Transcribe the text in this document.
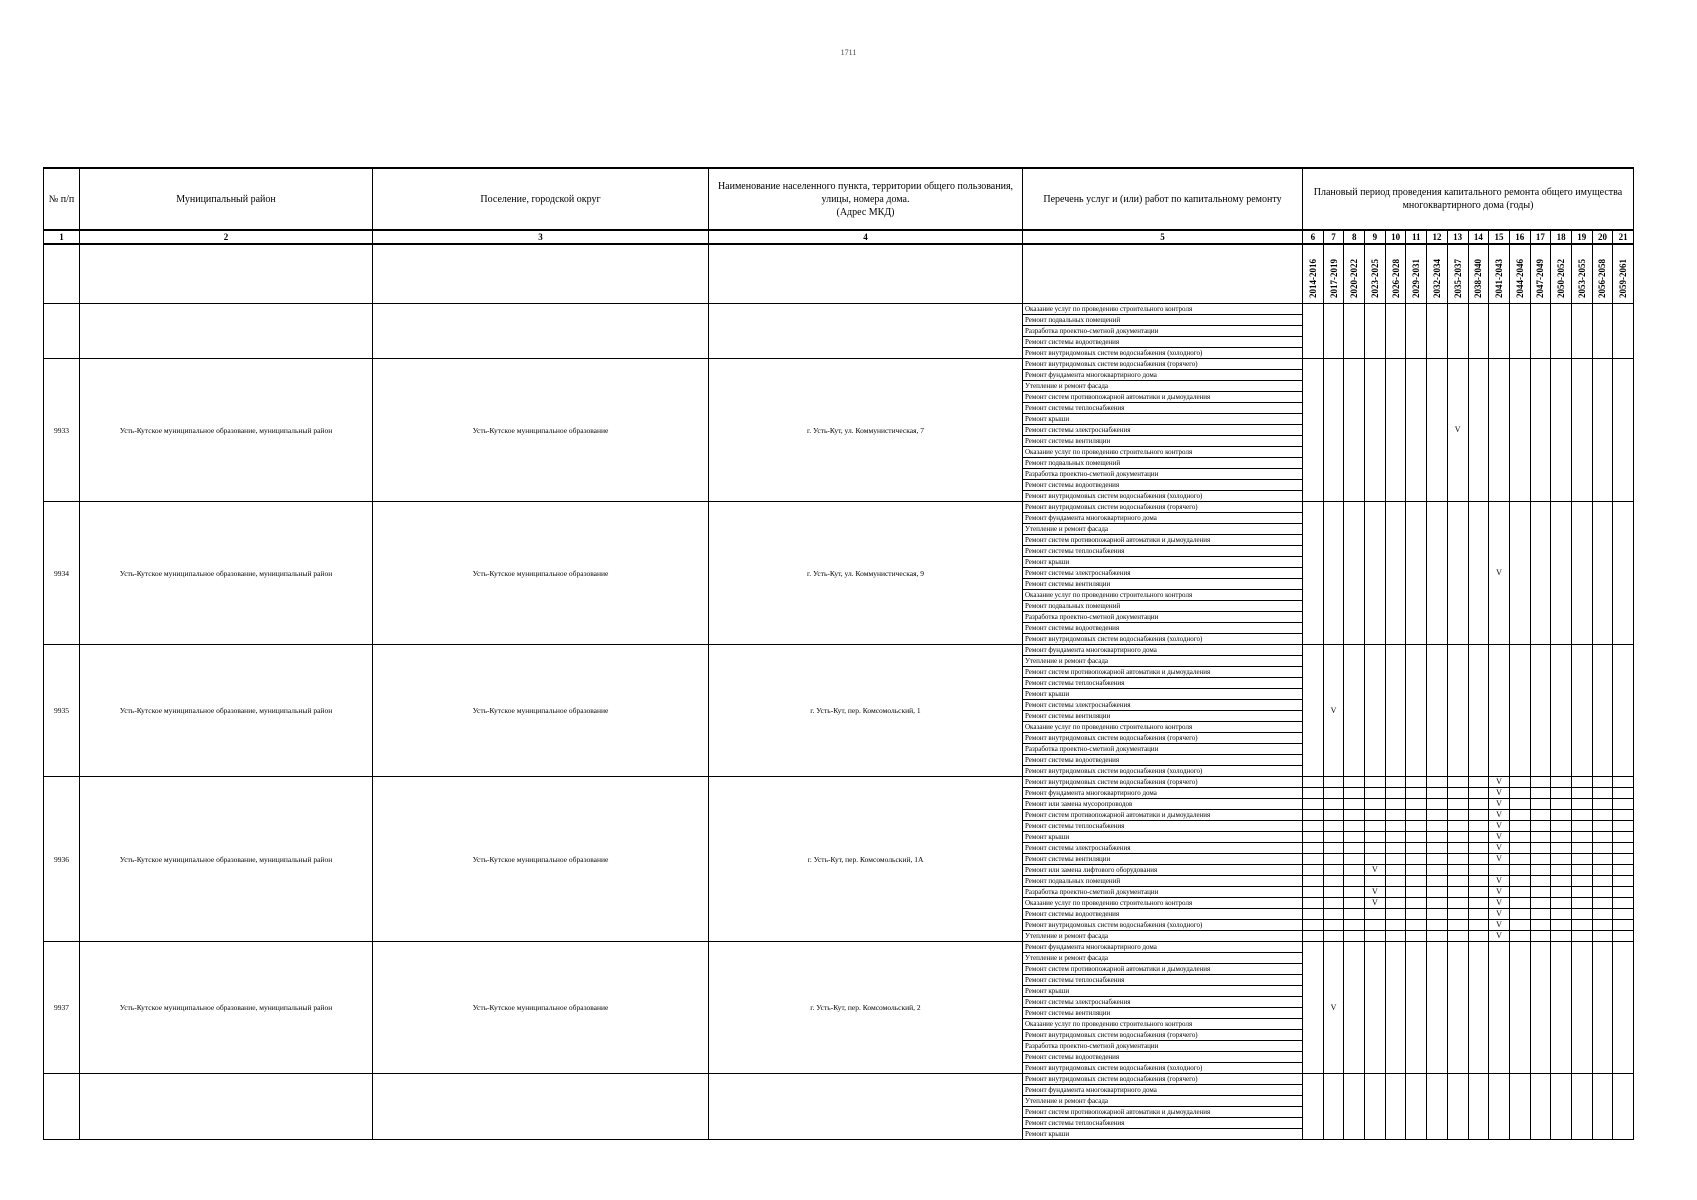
1711
№ п/п	Муниципальный район	Поселение, городской округ	Наименование населенного пункта, территории общего пользования, улицы, номера дома.
(Адрес МКД)	Перечень услуг и (или) работ по капитальному ремонту	Плановый период проведения капитального ремонта общего имущества многоквартирного дома (годы)															
1	2	3	4	5	6	7	8	9	10	11	12	13	14	15	16	17	18	19	20	21
					2014-2016	2017-2019	2020-2022	2023-2025	2026-2028	2029-2031	2032-2034	2035-2037	2038-2040	2041-2043	2044-2046	2047-2049	2050-2052	2053-2055	2056-2058	2059-2061
				Оказание услуг по проведению строительного контроля																
				Ремонт подвальных помещений																
				Разработка проектно-сметной документации																
				Ремонт системы водоотведения																
				Ремонт внутридомовых систем водоснабжения (холодного)																
9933	Усть-Кутское муниципальное образование, муниципальный район	Усть-Кутское муниципальное образование	г. Усть-Кут, ул. Коммунистическая, 7	Ремонт внутридомовых систем водоснабжения (горячего)								V								
				Ремонт фундамента многоквартирного дома																
				Утепление и ремонт фасада																
				Ремонт систем противопожарной автоматики и дымоудаления																
				Ремонт системы теплоснабжения																
				Ремонт крыши																
				Ремонт системы электроснабжения																
				Ремонт системы вентиляции																
				Оказание услуг по проведению строительного контроля																
				Ремонт подвальных помещений																
				Разработка проектно-сметной документации																
				Ремонт системы водоотведения																
				Ремонт внутридомовых систем водоснабжения (холодного)																
9934	Усть-Кутское муниципальное образование, муниципальный район	Усть-Кутское муниципальное образование	г. Усть-Кут, ул. Коммунистическая, 9	Ремонт внутридомовых систем водоснабжения (горячего)										V						
				Ремонт фундамента многоквартирного дома																
				Утепление и ремонт фасада																
				Ремонт систем противопожарной автоматики и дымоудаления																
				Ремонт системы теплоснабжения																
				Ремонт крыши																
				Ремонт системы электроснабжения																
				Ремонт системы вентиляции																
				Оказание услуг по проведению строительного контроля																
				Ремонт подвальных помещений																
				Разработка проектно-сметной документации																
				Ремонт системы водоотведения																
				Ремонт внутридомовых систем водоснабжения (холодного)																
9935	Усть-Кутское муниципальное образование, муниципальный район	Усть-Кутское муниципальное образование	г. Усть-Кут, пер. Комсомольский, 1	Ремонт фундамента многоквартирного дома		V														
				Утепление и ремонт фасада																
				Ремонт систем противопожарной автоматики и дымоудаления																
				Ремонт системы теплоснабжения																
				Ремонт крыши																
				Ремонт системы электроснабжения																
				Ремонт системы вентиляции																
				Оказание услуг по проведению строительного контроля																
				Ремонт внутридомовых систем водоснабжения (горячего)																
				Разработка проектно-сметной документации																
				Ремонт системы водоотведения																
				Ремонт внутридомовых систем водоснабжения (холодного)																
9936	Усть-Кутское муниципальное образование, муниципальный район	Усть-Кутское муниципальное образование	г. Усть-Кут, пер. Комсомольский, 1А	Ремонт внутридомовых систем водоснабжения (горячего)										V						
				Ремонт фундамента многоквартирного дома										V						
				Ремонт или замена мусоропроводов										V						
				Ремонт систем противопожарной автоматики и дымоудаления										V						
				Ремонт системы теплоснабжения										V						
				Ремонт крыши										V						
				Ремонт системы электроснабжения										V						
				Ремонт системы вентиляции										V						
				Ремонт или замена лифтового оборудования				V												
				Ремонт подвальных помещений										V						
				Разработка проектно-сметной документации				V						V						
				Оказание услуг по проведению строительного контроля				V						V						
				Ремонт системы водоотведения										V						
				Ремонт внутридомовых систем водоснабжения (холодного)										V						
				Утепление и ремонт фасада										V						
9937	Усть-Кутское муниципальное образование, муниципальный район	Усть-Кутское муниципальное образование	г. Усть-Кут, пер. Комсомольский, 2	Ремонт фундамента многоквартирного дома		V														
				Утепление и ремонт фасада																
				Ремонт систем противопожарной автоматики и дымоудаления																
				Ремонт системы теплоснабжения																
				Ремонт крыши																
				Ремонт системы электроснабжения																
				Ремонт системы вентиляции																
				Оказание услуг по проведению строительного контроля																
				Ремонт внутридомовых систем водоснабжения (горячего)																
				Разработка проектно-сметной документации																
				Ремонт системы водоотведения																
				Ремонт внутридомовых систем водоснабжения (холодного)																
				Ремонт внутридомовых систем водоснабжения (горячего)																
				Ремонт фундамента многоквартирного дома																
				Утепление и ремонт фасада																
				Ремонт систем противопожарной автоматики и дымоудаления																
				Ремонт системы теплоснабжения																
				Ремонт крыши																
